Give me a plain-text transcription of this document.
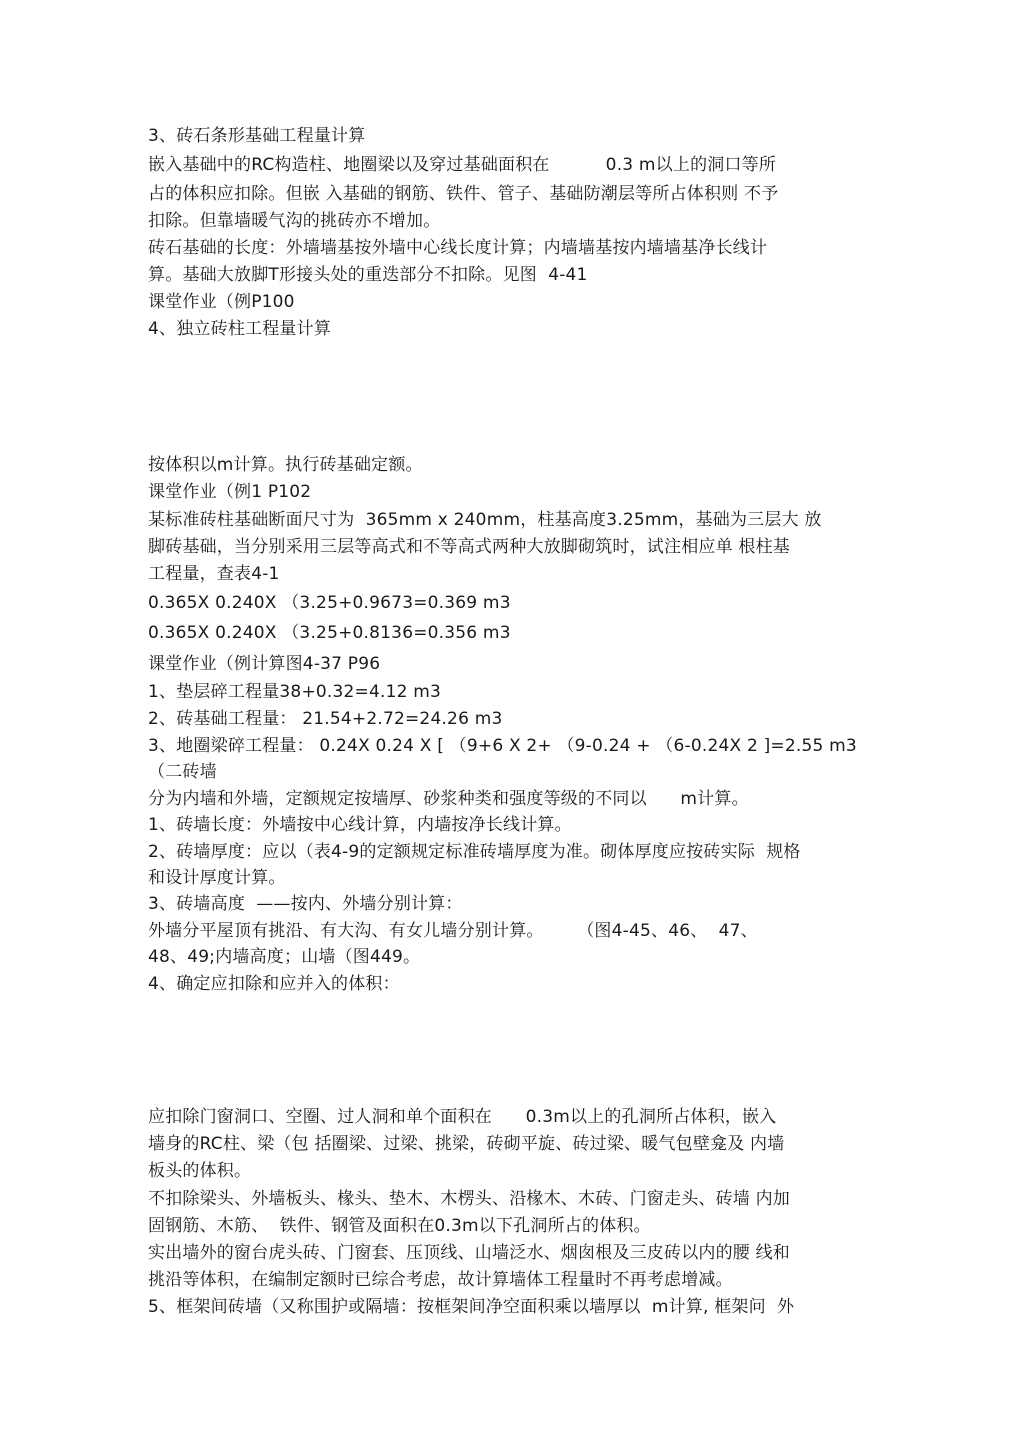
3、砖石条形基础工程量计算
嵌入基础中的RC构造柱、地圈梁以及穿过基础面积在          0.3 m以上的洞口等所
占的体积应扣除。但嵌 入基础的钢筋、铁件、管子、基础防潮层等所占体积则 不予
扣除。但靠墙暖气沟的挑砖亦不增加。
砖石基础的长度：外墙墙基按外墙中心线长度计算；内墙墙基按内墙墙基净长线计
算。基础大放脚T形接头处的重迭部分不扣除。见图  4-41
课堂作业（例P100
4、独立砖柱工程量计算
按体积以m计算。执行砖基础定额。
课堂作业（例1 P102
某标准砖柱基础断面尺寸为  365mm x 240mm，柱基高度3.25mm，基础为三层大 放
脚砖基础，当分别采用三层等高式和不等高式两种大放脚砌筑时，试注相应单 根柱基
工程量，查表4-1
0.365X 0.240X （3.25+0.9673=0.369 m3
0.365X 0.240X （3.25+0.8136=0.356 m3
课堂作业（例计算图4-37 P96
1、垫层碎工程量38+0.32=4.12 m3
2、砖基础工程量： 21.54+2.72=24.26 m3
3、地圈梁碎工程量： 0.24X 0.24 X [ （9+6 X 2+ （9-0.24 + （6-0.24X 2 ]=2.55 m3
（二砖墙
分为内墙和外墙，定额规定按墙厚、砂浆种类和强度等级的不同以      m计算。
1、砖墙长度：外墙按中心线计算，内墙按净长线计算。
2、砖墙厚度：应以（表4-9的定额规定标准砖墙厚度为准。砌体厚度应按砖实际  规格
和设计厚度计算。
3、砖墙高度  ——按内、外墙分别计算：
外墙分平屋顶有挑沿、有大沟、有女儿墙分别计算。      （图4-45、46、  47、
48、49;内墙高度；山墙（图449。
4、确定应扣除和应并入的体积：
应扣除门窗洞口、空圈、过人洞和单个面积在      0.3m以上的孔洞所占体积，嵌入
墙身的RC柱、梁（包 括圈梁、过梁、挑梁，砖砌平旋、砖过梁、暖气包壁龛及 内墙
板头的体积。
不扣除梁头、外墙板头、椽头、垫木、木楞头、沿椽木、木砖、门窗走头、砖墙 内加
固钢筋、木筋、  铁件、钢管及面积在0.3m以下孔洞所占的体积。
实出墙外的窗台虎头砖、门窗套、压顶线、山墙泛水、烟囱根及三皮砖以内的腰 线和
挑沿等体积，在编制定额时已综合考虑，故计算墙体工程量时不再考虑增减。
5、框架间砖墙（又称围护或隔墙：按框架间净空面积乘以墙厚以  m计算, 框架问  外
